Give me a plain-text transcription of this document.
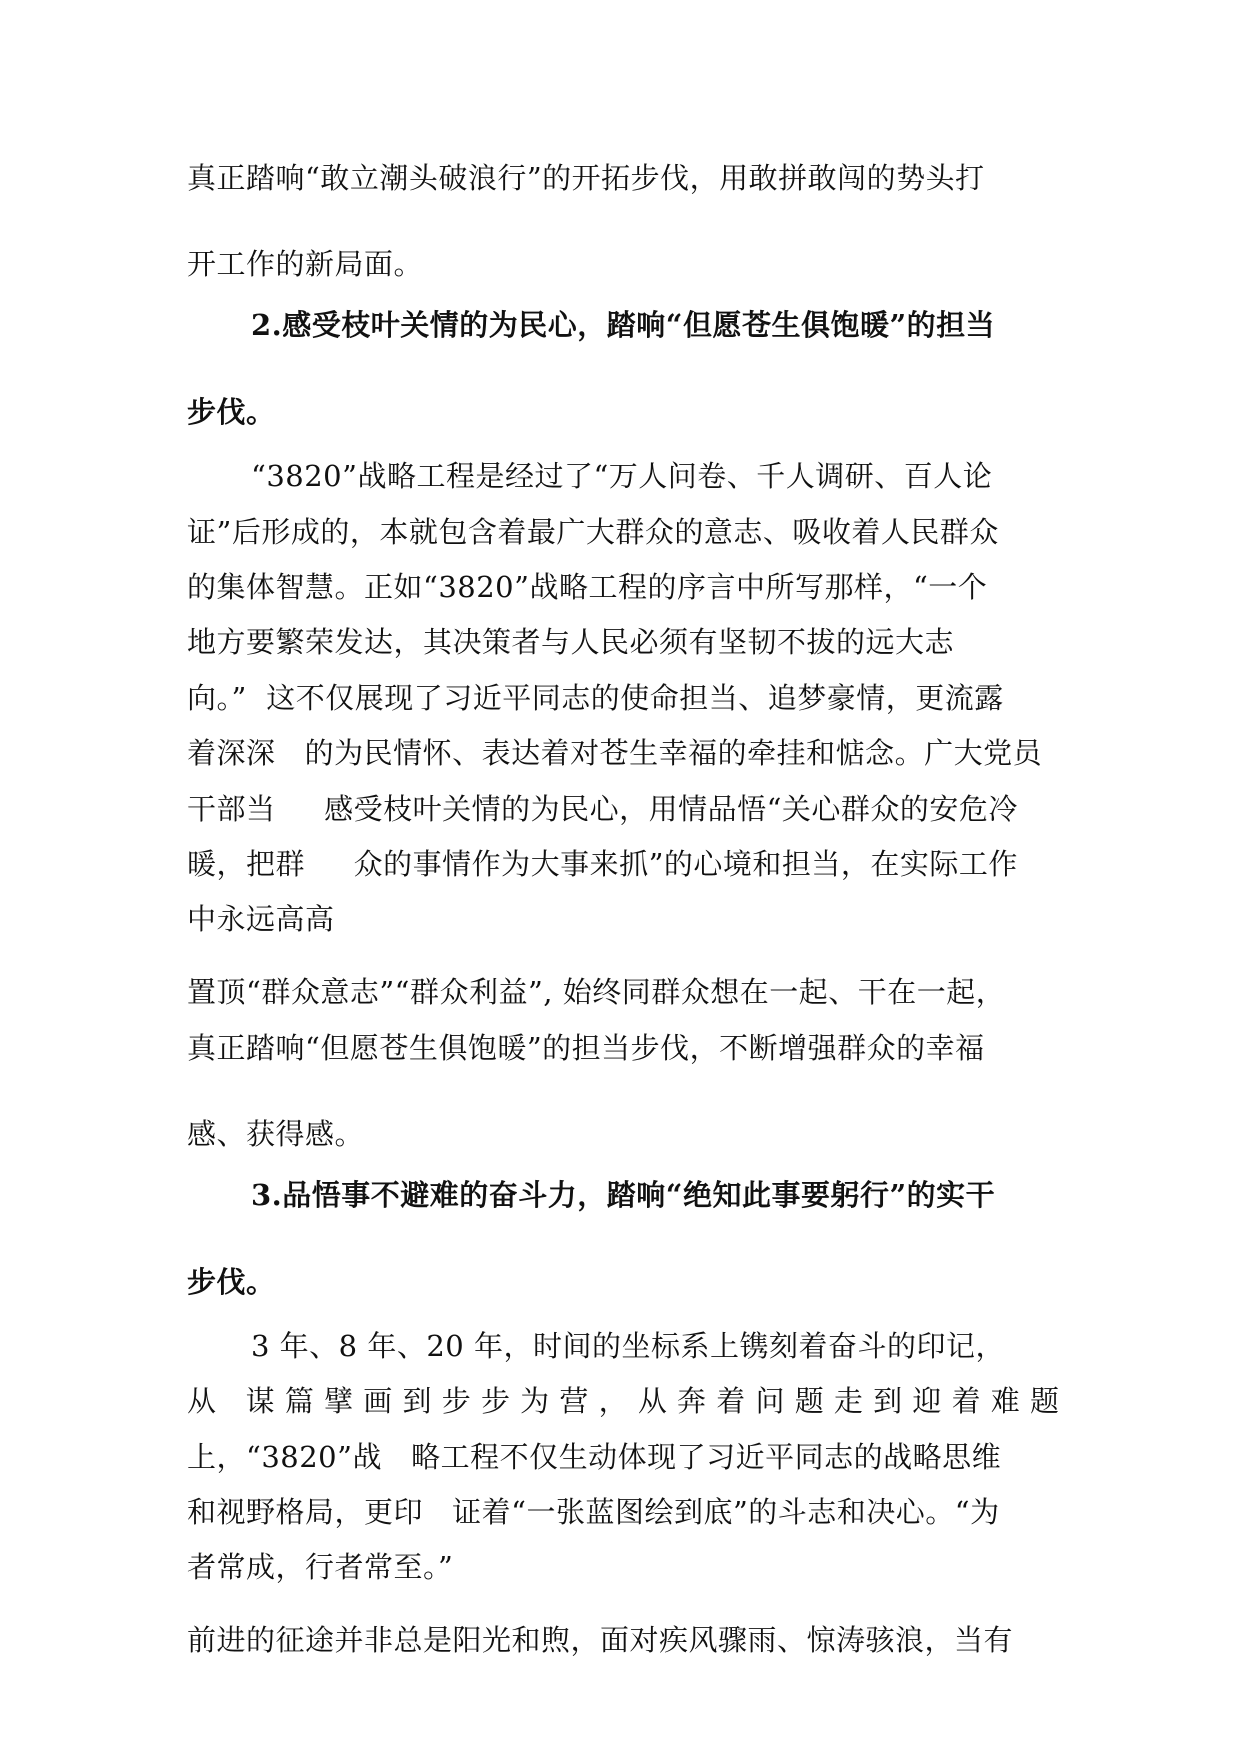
真正踏响“敢立潮头破浪行”的开拓步伐，用敢拼敢闯的势头打
开工作的新局面。
2.感受枝叶关情的为民心，踏响“但愿苍生俱饱暖”的担当
步伐。
“3820”战略工程是经过了“万人问卷、千人调研、百人论
证”后形成的，本就包含着最广大群众的意志、吸收着人民群众
的集体智慧。正如“3820”战略工程的序言中所写那样，“一个
地方要繁荣发达，其决策者与人民必须有坚韧不拔的远大志
向。”  这不仅展现了习近平同志的使命担当、追梦豪情，更流露
着深深   的为民情怀、表达着对苍生幸福的牵挂和惦念。广大党员
干部当     感受枝叶关情的为民心，用情品悟“关心群众的安危冷
暖，把群     众的事情作为大事来抓”的心境和担当，在实际工作
中永远高高
置顶“群众意志”“群众利益”, 始终同群众想在一起、干在一起，
真正踏响“但愿苍生俱饱暖”的担当步伐，不断增强群众的幸福
感、获得感。
3.品悟事不避难的奋斗力，踏响“绝知此事要躬行”的实干
步伐。
3 年、8 年、20 年，时间的坐标系上镌刻着奋斗的印记，
从   谋 篇 擘 画 到 步 步 为 营 ， 从 奔 着 问 题 走 到 迎 着 难 题
上，“3820”战   略工程不仅生动体现了习近平同志的战略思维
和视野格局，更印   证着“一张蓝图绘到底”的斗志和决心。“为
者常成，行者常至。”
前进的征途并非总是阳光和煦，面对疾风骤雨、惊涛骇浪，当有
